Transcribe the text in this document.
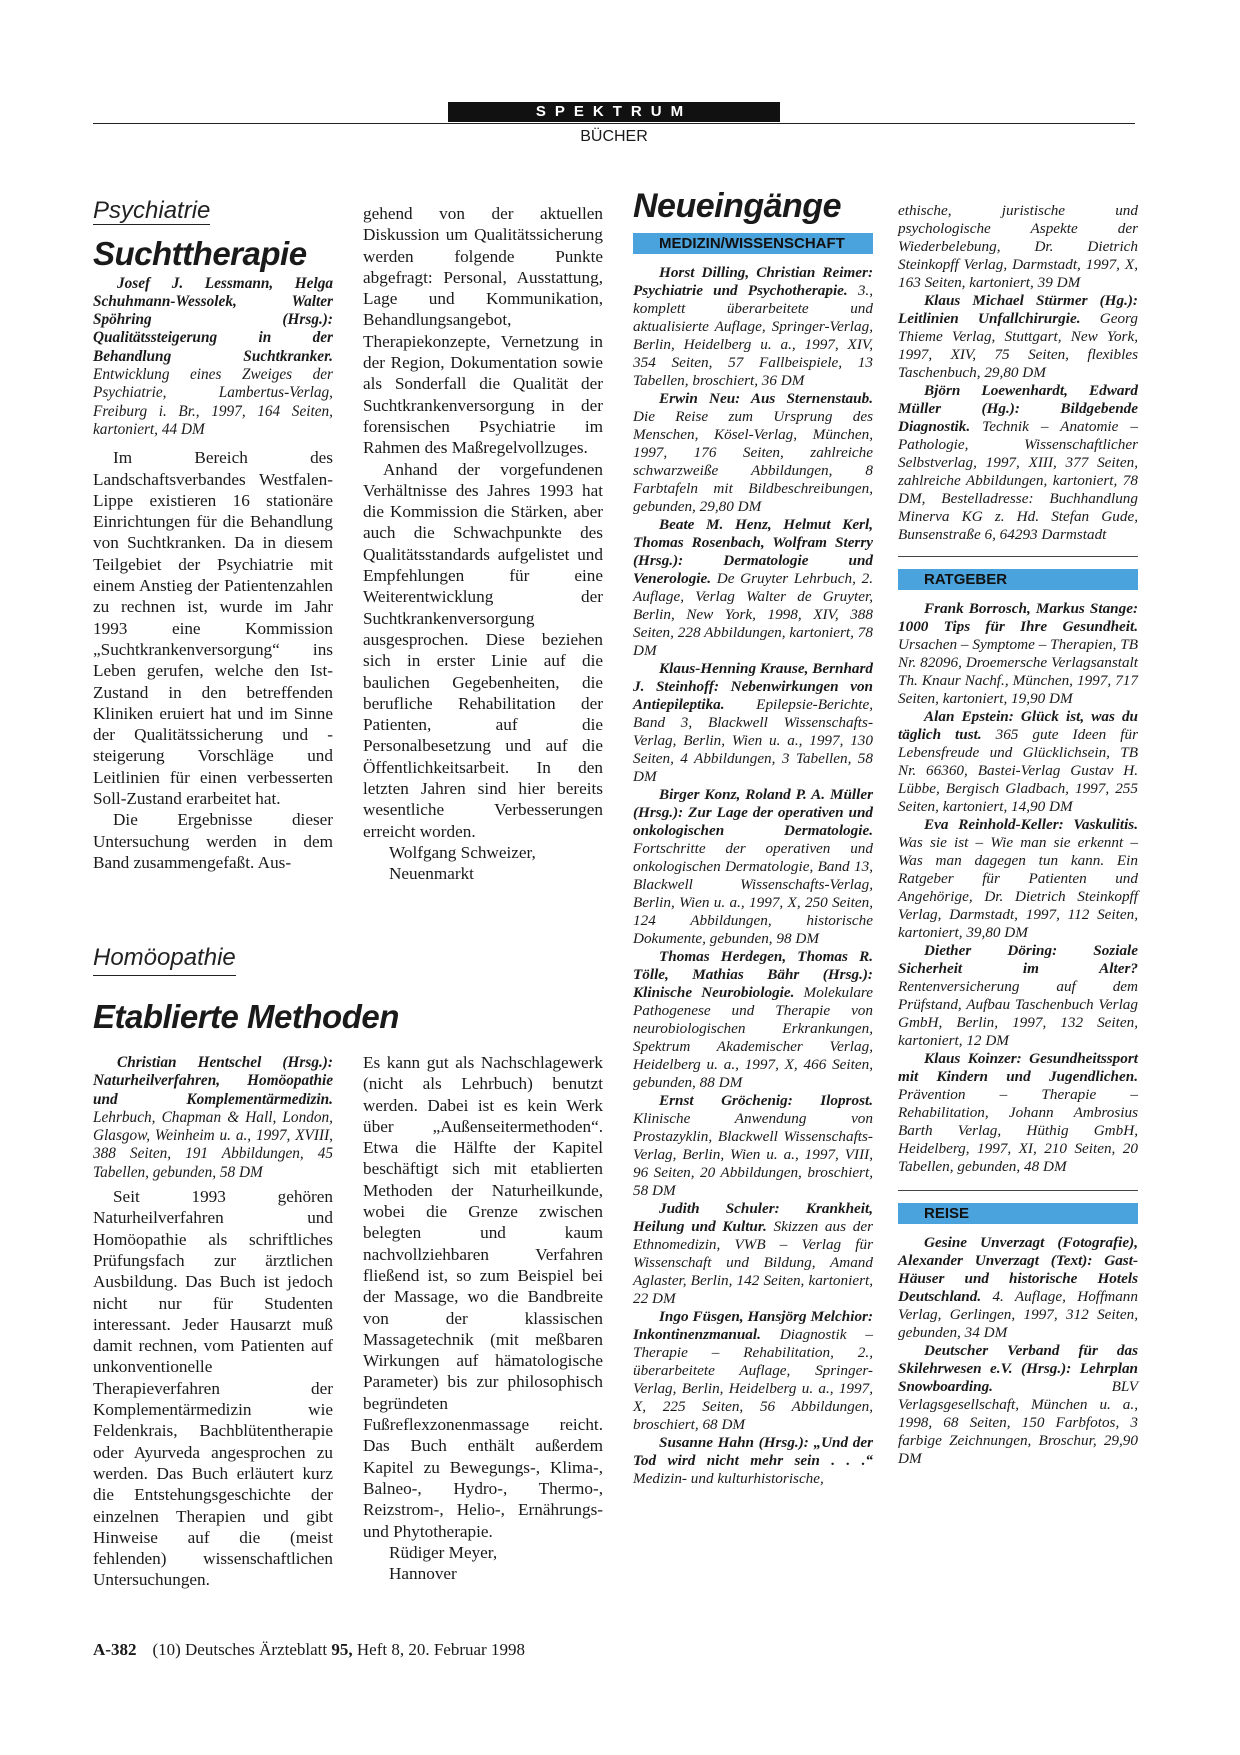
SPEKTRUM
BÜCHER
Psychiatrie
Suchttherapie

Josef J. Lessmann, Helga Schuhmann-Wessolek, Walter Spöhring (Hrsg.): Qualitätssteigerung in der Behandlung Suchtkranker. Entwicklung eines Zweiges der Psychiatrie, Lambertus-Verlag, Freiburg i. Br., 1997, 164 Seiten, kartoniert, 44 DM

Im Bereich des Landschaftsverbandes Westfalen-Lippe existieren 16 stationäre Einrichtungen für die Behandlung von Suchtkranken. Da in diesem Teilgebiet der Psychiatrie mit einem Anstieg der Patientenzahlen zu rechnen ist, wurde im Jahr 1993 eine Kommission „Suchtkrankenversorgung“ ins Leben gerufen, welche den Ist-Zustand in den betreffenden Kliniken eruiert hat und im Sinne der Qualitätssicherung und -steigerung Vorschläge und Leitlinien für einen verbesserten Soll-Zustand erarbeitet hat.

Die Ergebnisse dieser Untersuchung werden in dem Band zusammengefaßt. Aus-

gehend von der aktuellen Diskussion um Qualitätssicherung werden folgende Punkte abgefragt: Personal, Ausstattung, Lage und Kommunikation, Behandlungsangebot, Therapiekonzepte, Vernetzung in der Region, Dokumentation sowie als Sonderfall die Qualität der Suchtkrankenversorgung in der forensischen Psychiatrie im Rahmen des Maßregelvollzuges.

Anhand der vorgefundenen Verhältnisse des Jahres 1993 hat die Kommission die Stärken, aber auch die Schwachpunkte des Qualitätsstandards aufgelistet und Empfehlungen für eine Weiterentwicklung der Suchtkrankenversorgung ausgesprochen. Diese beziehen sich in erster Linie auf die baulichen Gegebenheiten, die berufliche Rehabilitation der Patienten, auf die Personalbesetzung und auf die Öffentlichkeitsarbeit. In den letzten Jahren sind hier bereits wesentliche Verbesserungen erreicht worden.

Wolfgang Schweizer,

Neuenmarkt

Homöopathie
Etablierte Methoden

Christian Hentschel (Hrsg.): Naturheilverfahren, Homöopathie und Komplementärmedizin. Lehrbuch, Chapman & Hall, London, Glasgow, Weinheim u. a., 1997, XVIII, 388 Seiten, 191 Abbildungen, 45 Tabellen, gebunden, 58 DM

Seit 1993 gehören Naturheilverfahren und Homöopathie als schriftliches Prüfungsfach zur ärztlichen Ausbildung. Das Buch ist jedoch nicht nur für Studenten interessant. Jeder Hausarzt muß damit rechnen, vom Patienten auf unkonventionelle Therapieverfahren der Komplementärmedizin wie Feldenkrais, Bachblütentherapie oder Ayurveda angesprochen zu werden. Das Buch erläutert kurz die Entstehungsgeschichte der einzelnen Therapien und gibt Hinweise auf die (meist fehlenden) wissenschaftlichen Untersuchungen.

Es kann gut als Nachschlagewerk (nicht als Lehrbuch) benutzt werden. Dabei ist es kein Werk über „Außenseitermethoden“. Etwa die Hälfte der Kapitel beschäftigt sich mit etablierten Methoden der Naturheilkunde, wobei die Grenze zwischen belegten und kaum nachvollziehbaren Verfahren fließend ist, so zum Beispiel bei der Massage, wo die Bandbreite von der klassischen Massagetechnik (mit meßbaren Wirkungen auf hämatologische Parameter) bis zur philosophisch begründeten Fußreflexzonenmassage reicht. Das Buch enthält außerdem Kapitel zu Bewegungs-, Klima-, Balneo-, Hydro-, Thermo-, Reizstrom-, Helio-, Ernährungs- und Phytotherapie.

Rüdiger Meyer,

Hannover

Neueingänge
MEDIZIN/WISSENSCHAFT

Horst Dilling, Christian Reimer: Psychiatrie und Psychotherapie. 3., komplett überarbeitete und aktualisierte Auflage, Springer-Verlag, Berlin, Heidelberg u. a., 1997, XIV, 354 Seiten, 57 Fallbeispiele, 13 Tabellen, broschiert, 36 DM

Erwin Neu: Aus Sternenstaub. Die Reise zum Ursprung des Menschen, Kösel-Verlag, München, 1997, 176 Seiten, zahlreiche schwarzweiße Abbildungen, 8 Farbtafeln mit Bildbeschreibungen, gebunden, 29,80 DM

Beate M. Henz, Helmut Kerl, Thomas Rosenbach, Wolfram Sterry (Hrsg.): Dermatologie und Venerologie. De Gruyter Lehrbuch, 2. Auflage, Verlag Walter de Gruyter, Berlin, New York, 1998, XIV, 388 Seiten, 228 Abbildungen, kartoniert, 78 DM

Klaus-Henning Krause, Bernhard J. Steinhoff: Nebenwirkungen von Antiepileptika. Epilepsie-Berichte, Band 3, Blackwell Wissenschafts-Verlag, Berlin, Wien u. a., 1997, 130 Seiten, 4 Abbildungen, 3 Tabellen, 58 DM

Birger Konz, Roland P. A. Müller (Hrsg.): Zur Lage der operativen und onkologischen Dermatologie. Fortschritte der operativen und onkologischen Dermatologie, Band 13, Blackwell Wissenschafts-Verlag, Berlin, Wien u. a., 1997, X, 250 Seiten, 124 Abbildungen, historische Dokumente, gebunden, 98 DM

Thomas Herdegen, Thomas R. Tölle, Mathias Bähr (Hrsg.): Klinische Neurobiologie. Molekulare Pathogenese und Therapie von neurobiologischen Erkrankungen, Spektrum Akademischer Verlag, Heidelberg u. a., 1997, X, 466 Seiten, gebunden, 88 DM

Ernst Gröchenig: Iloprost. Klinische Anwendung von Prostazyklin, Blackwell Wissenschafts-Verlag, Berlin, Wien u. a., 1997, VIII, 96 Seiten, 20 Abbildungen, broschiert, 58 DM

Judith Schuler: Krankheit, Heilung und Kultur. Skizzen aus der Ethnomedizin, VWB – Verlag für Wissenschaft und Bildung, Amand Aglaster, Berlin, 142 Seiten, kartoniert, 22 DM

Ingo Füsgen, Hansjörg Melchior: Inkontinenzmanual. Diagnostik – Therapie – Rehabilitation, 2., überarbeitete Auflage, Springer-Verlag, Berlin, Heidelberg u. a., 1997, X, 225 Seiten, 56 Abbildungen, broschiert, 68 DM

Susanne Hahn (Hrsg.): „Und der Tod wird nicht mehr sein . . .“ Medizin- und kulturhistorische,

ethische, juristische und psychologische Aspekte der Wiederbelebung, Dr. Dietrich Steinkopff Verlag, Darmstadt, 1997, X, 163 Seiten, kartoniert, 39 DM

Klaus Michael Stürmer (Hg.): Leitlinien Unfallchirurgie. Georg Thieme Verlag, Stuttgart, New York, 1997, XIV, 75 Seiten, flexibles Taschenbuch, 29,80 DM

Björn Loewenhardt, Edward Müller (Hg.): Bildgebende Diagnostik. Technik – Anatomie – Pathologie, Wissenschaftlicher Selbstverlag, 1997, XIII, 377 Seiten, zahlreiche Abbildungen, kartoniert, 78 DM, Bestelladresse: Buchhandlung Minerva KG z. Hd. Stefan Gude, Bunsenstraße 6, 64293 Darmstadt

RATGEBER

Frank Borrosch, Markus Stange: 1000 Tips für Ihre Gesundheit. Ursachen – Symptome – Therapien, TB Nr. 82096, Droemersche Verlagsanstalt Th. Knaur Nachf., München, 1997, 717 Seiten, kartoniert, 19,90 DM

Alan Epstein: Glück ist, was du täglich tust. 365 gute Ideen für Lebensfreude und Glücklichsein, TB Nr. 66360, Bastei-Verlag Gustav H. Lübbe, Bergisch Gladbach, 1997, 255 Seiten, kartoniert, 14,90 DM

Eva Reinhold-Keller: Vaskulitis. Was sie ist – Wie man sie erkennt – Was man dagegen tun kann. Ein Ratgeber für Patienten und Angehörige, Dr. Dietrich Steinkopff Verlag, Darmstadt, 1997, 112 Seiten, kartoniert, 39,80 DM

Diether Döring: Soziale Sicherheit im Alter? Rentenversicherung auf dem Prüfstand, Aufbau Taschenbuch Verlag GmbH, Berlin, 1997, 132 Seiten, kartoniert, 12 DM

Klaus Koinzer: Gesundheitssport mit Kindern und Jugendlichen. Prävention – Therapie – Rehabilitation, Johann Ambrosius Barth Verlag, Hüthig GmbH, Heidelberg, 1997, XI, 210 Seiten, 20 Tabellen, gebunden, 48 DM

REISE

Gesine Unverzagt (Fotografie), Alexander Unverzagt (Text): Gast-Häuser und historische Hotels Deutschland. 4. Auflage, Hoffmann Verlag, Gerlingen, 1997, 312 Seiten, gebunden, 34 DM

Deutscher Verband für das Skilehrwesen e.V. (Hrsg.): Lehrplan Snowboarding. BLV Verlagsgesellschaft, München u. a., 1998, 68 Seiten, 150 Farbfotos, 3 farbige Zeichnungen, Broschur, 29,90 DM

A-382 (10) Deutsches Ärzteblatt 95, Heft 8, 20. Februar 1998
